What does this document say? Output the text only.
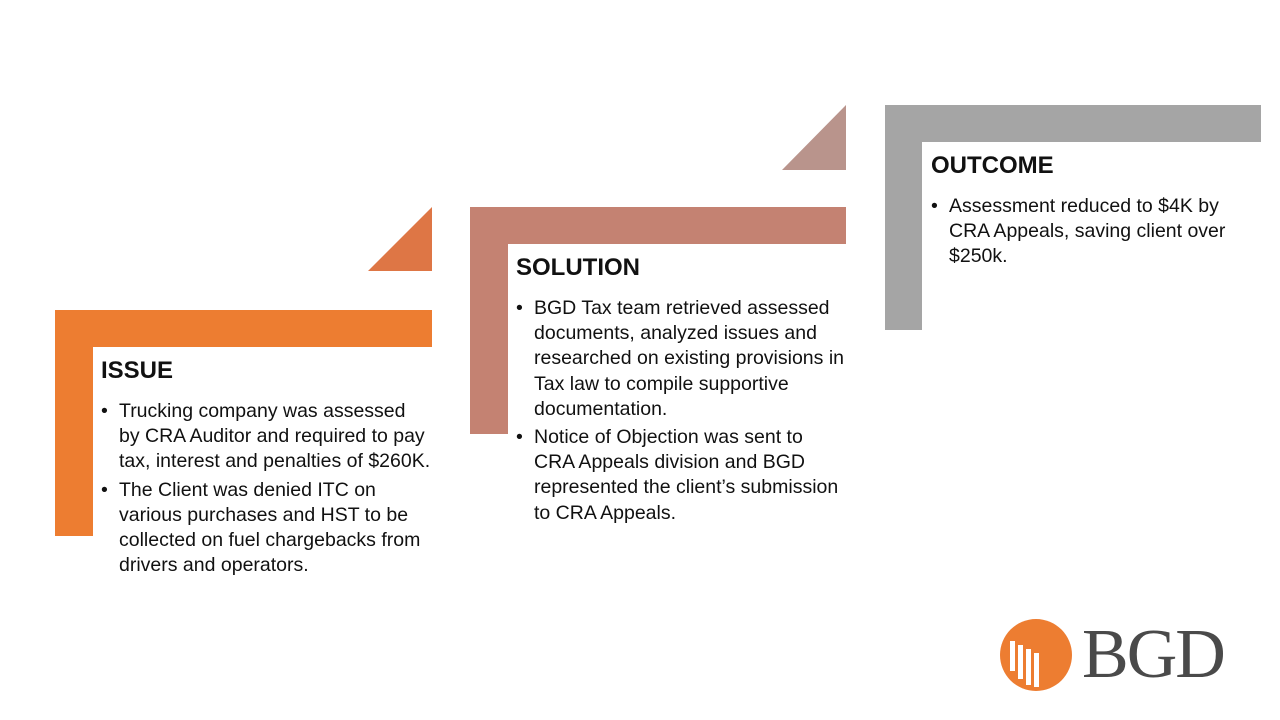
ISSUE
• Trucking company was assessed by CRA Auditor and required to pay tax, interest and penalties of $260K.
• The Client was denied ITC on various purchases and HST to be collected on fuel chargebacks from drivers and operators.
SOLUTION
• BGD Tax team retrieved assessed documents, analyzed issues and researched on existing provisions in Tax law to compile supportive documentation.
• Notice of Objection was sent to CRA Appeals division and BGD represented the client’s submission to CRA Appeals.
OUTCOME
• Assessment reduced to $4K by CRA Appeals, saving client over $250k.
BGD
